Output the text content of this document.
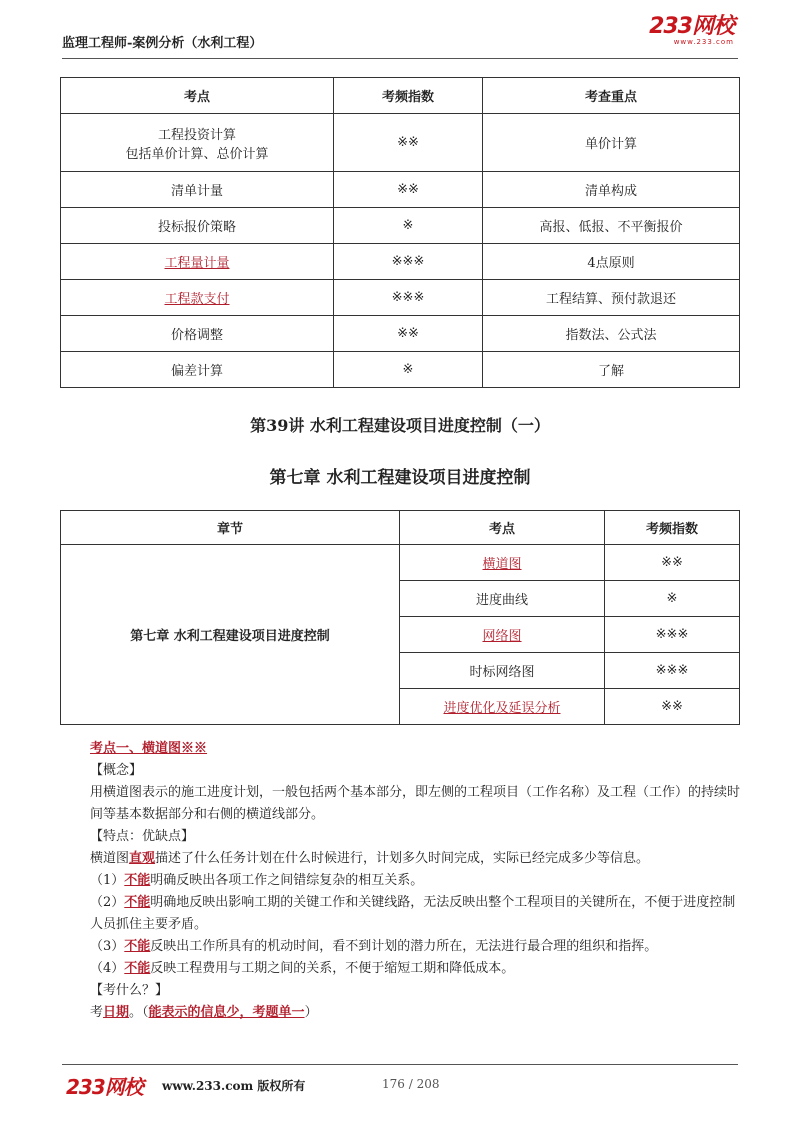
监理工程师-案例分析（水利工程）
233网校
www.233.com
考点	考频指数	考查重点

工程投资计算
包括单价计算、总价计算	※※	单价计算
清单计量	※※	清单构成
投标报价策略	※	高报、低报、不平衡报价
工程量计量	※※※	4点原则
工程款支付	※※※	工程结算、预付款退还
价格调整	※※	指数法、公式法
偏差计算	※	了解
第39讲 水利工程建设项目进度控制（一）
第七章 水利工程建设项目进度控制
章节	考点	考频指数
第七章 水利工程建设项目进度控制	横道图	※※
	进度曲线	※
	网络图	※※※
	时标网络图	※※※
	进度优化及延误分析	※※

考点一、横道图※※

【概念】

用横道图表示的施工进度计划，一般包括两个基本部分，即左侧的工程项目（工作名称）及工程（工作）的持续时间等基本数据部分和右侧的横道线部分。

【特点：优缺点】

横道图直观描述了什么任务计划在什么时候进行，计划多久时间完成，实际已经完成多少等信息。

（1）不能明确反映出各项工作之间错综复杂的相互关系。

（2）不能明确地反映出影响工期的关键工作和关键线路，无法反映出整个工程项目的关键所在，不便于进度控制人员抓住主要矛盾。

（3）不能反映出工作所具有的机动时间，看不到计划的潜力所在，无法进行最合理的组织和指挥。

（4）不能反映工程费用与工期之间的关系，不便于缩短工期和降低成本。

【考什么？】

考日期。（能表示的信息少，考题单一）

233网校 www.233.com 版权所有	176 / 208
